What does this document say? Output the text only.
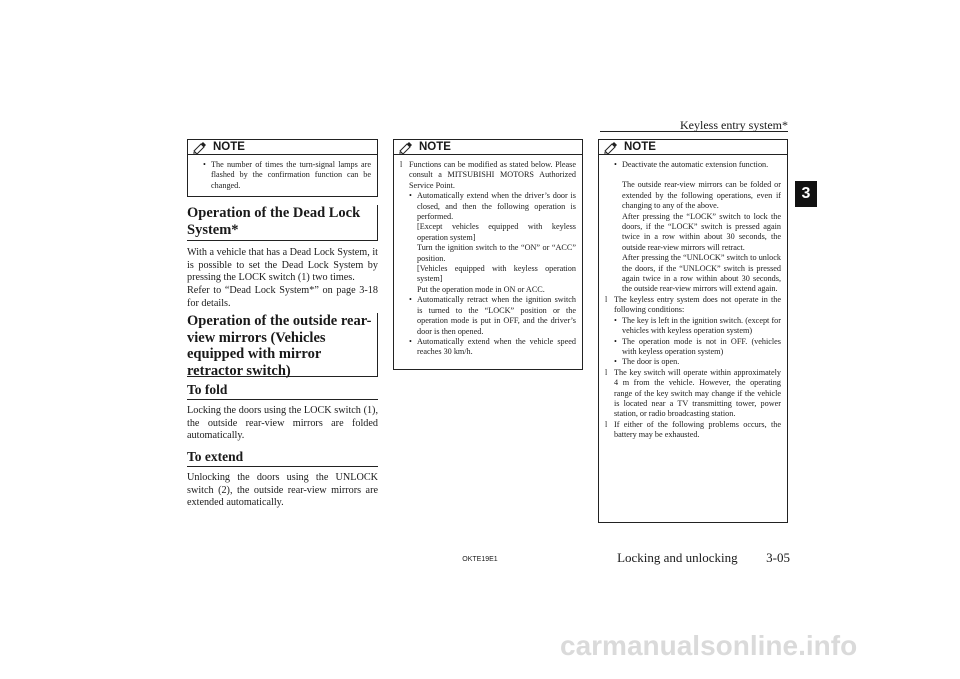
Keyless entry system*
3
NOTE
• The number of times the turn-signal lamps are flashed by the confirmation function can be changed.
Operation of the Dead Lock System*
With a vehicle that has a Dead Lock System, it is possible to set the Dead Lock System by pressing the LOCK switch (1) two times.
Refer to “Dead Lock System*” on page 3-18 for details.
Operation of the outside rear-view mirrors (Vehicles equipped with mirror retractor switch)
To fold
Locking the doors using the LOCK switch (1), the outside rear-view mirrors are folded automatically.
To extend
Unlocking the doors using the UNLOCK switch (2), the outside rear-view mirrors are extended automatically.
NOTE
l Functions can be modified as stated below. Please consult a MITSUBISHI MOTORS Authorized Service Point.
• Automatically extend when the driver’s door is closed, and then the following operation is performed.
[Except vehicles equipped with keyless operation system]
Turn the ignition switch to the “ON” or “ACC” position.
[Vehicles equipped with keyless operation system]
Put the operation mode in ON or ACC.
• Automatically retract when the ignition switch is turned to the “LOCK” position or the operation mode is put in OFF, and the driver’s door is then opened.
• Automatically extend when the vehicle speed reaches 30 km/h.
NOTE
• Deactivate the automatic extension function.
The outside rear-view mirrors can be folded or extended by the following operations, even if changing to any of the above.
After pressing the “LOCK” switch to lock the doors, if the “LOCK” switch is pressed again twice in a row within about 30 seconds, the outside rear-view mirrors will retract.
After pressing the “UNLOCK” switch to unlock the doors, if the “UNLOCK” switch is pressed again twice in a row within about 30 seconds, the outside rear-view mirrors will extend again.
l The keyless entry system does not operate in the following conditions:
• The key is left in the ignition switch. (except for vehicles with keyless operation system)
• The operation mode is not in OFF. (vehicles with keyless operation system)
• The door is open.
l The key switch will operate within approximately 4 m from the vehicle. However, the operating range of the key switch may change if the vehicle is located near a TV transmitting tower, power station, or radio broadcasting station.
l If either of the following problems occurs, the battery may be exhausted.
OKTE19E1	Locking and unlocking 3-05
carmanualsonline.info
